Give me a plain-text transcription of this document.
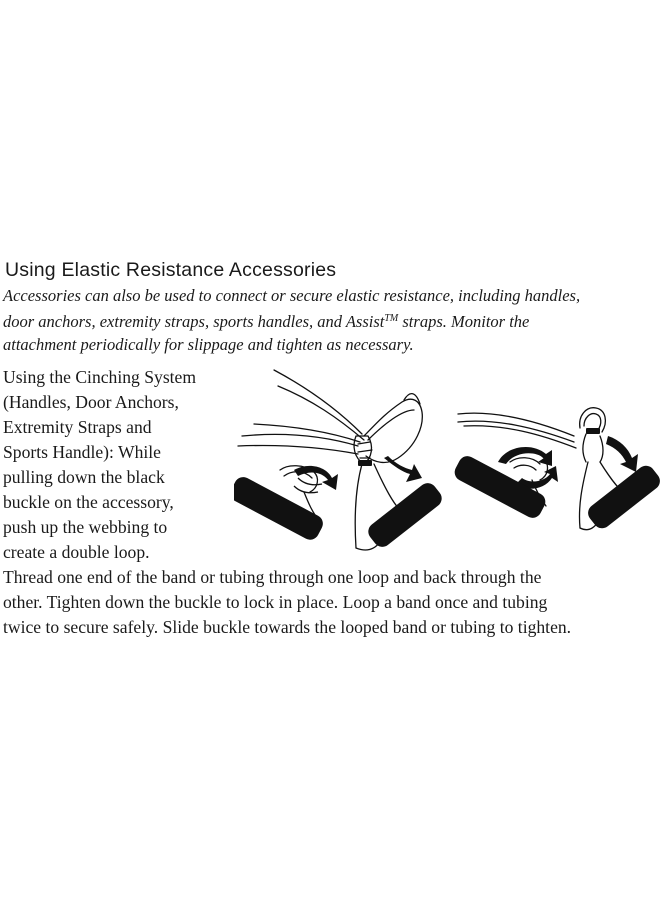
Using Elastic Resistance Accessories

Accessories can also be used to connect or secure elastic resistance, including handles,
door anchors, extremity straps, sports handles, and Assist™ straps. Monitor the
attachment periodically for slippage and tighten as necessary.

Using the Cinching System
(Handles, Door Anchors,
Extremity Straps and
Sports Handle): While
pulling down the black
buckle on the accessory,
push up the webbing to
create a double loop.

Thread one end of the band or tubing through one loop and back through the
other. Tighten down the buckle to lock in place. Loop a band once and tubing
twice to secure safely. Slide buckle towards the looped band or tubing to tighten.
